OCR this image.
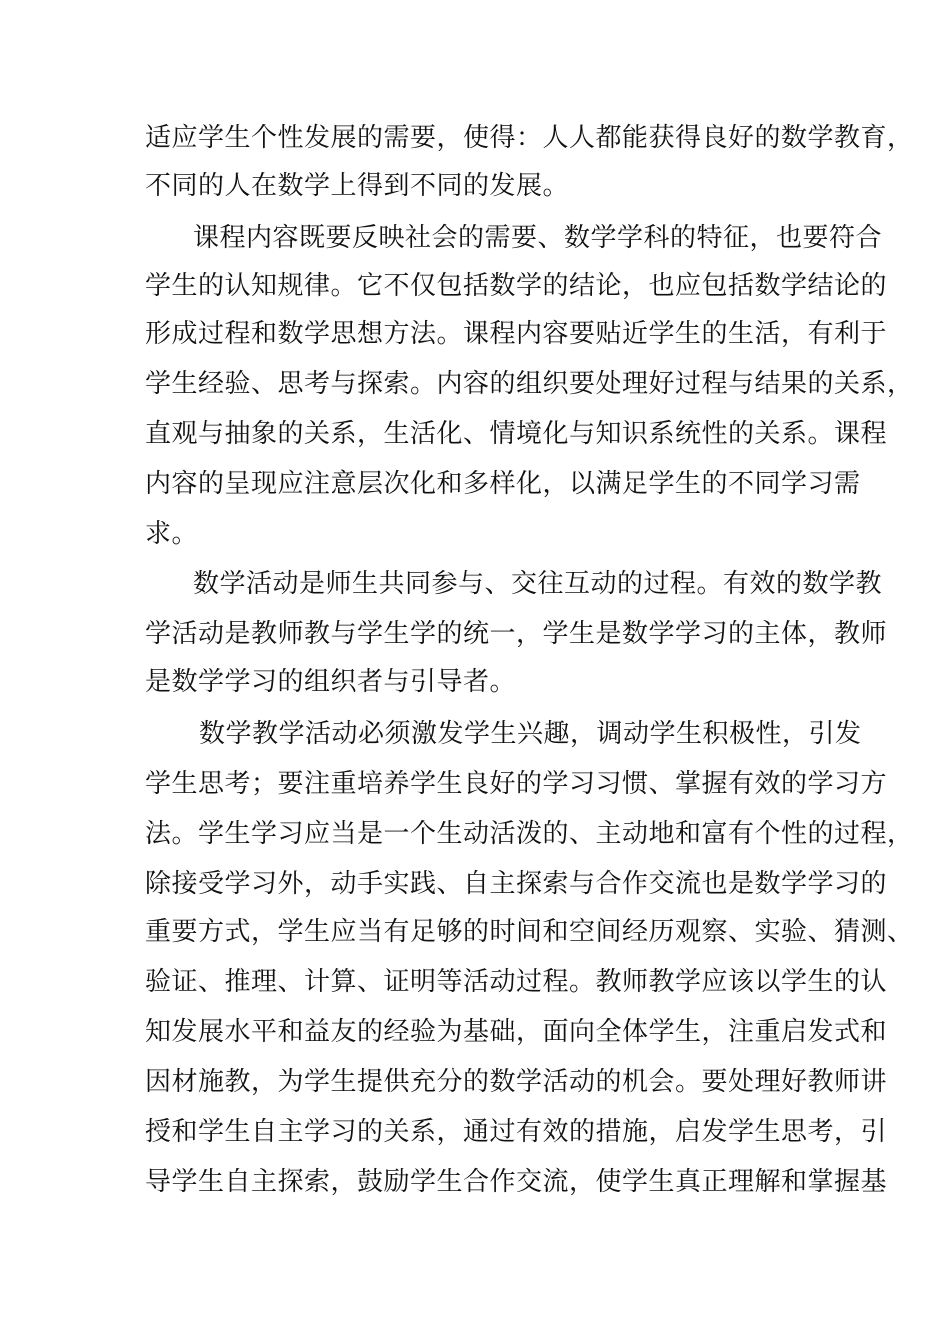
适应学生个性发展的需要，使得：人人都能获得良好的数学教育，
不同的人在数学上得到不同的发展。
课程内容既要反映社会的需要、数学学科的特征，也要符合
学生的认知规律。它不仅包括数学的结论，也应包括数学结论的
形成过程和数学思想方法。课程内容要贴近学生的生活，有利于
学生经验、思考与探索。内容的组织要处理好过程与结果的关系，
直观与抽象的关系，生活化、情境化与知识系统性的关系。课程
内容的呈现应注意层次化和多样化，以满足学生的不同学习需
求。
数学活动是师生共同参与、交往互动的过程。有效的数学教
学活动是教师教与学生学的统一，学生是数学学习的主体，教师
是数学学习的组织者与引导者。
数学教学活动必须激发学生兴趣，调动学生积极性，引发
学生思考；要注重培养学生良好的学习习惯、掌握有效的学习方
法。学生学习应当是一个生动活泼的、主动地和富有个性的过程，
除接受学习外，动手实践、自主探索与合作交流也是数学学习的
重要方式，学生应当有足够的时间和空间经历观察、实验、猜测、
验证、推理、计算、证明等活动过程。教师教学应该以学生的认
知发展水平和益友的经验为基础，面向全体学生，注重启发式和
因材施教，为学生提供充分的数学活动的机会。要处理好教师讲
授和学生自主学习的关系，通过有效的措施，启发学生思考，引
导学生自主探索，鼓励学生合作交流，使学生真正理解和掌握基
